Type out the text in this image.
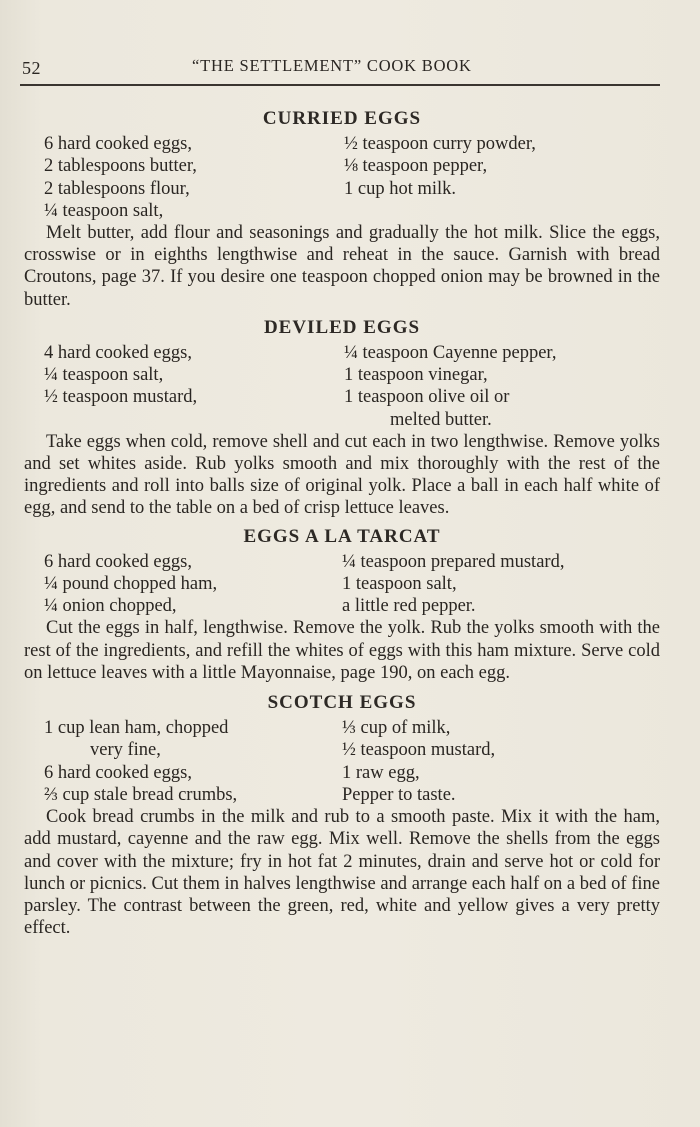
52	“THE SETTLEMENT” COOK BOOK
CURRIED EGGS
6 hard cooked eggs,
2 tablespoons butter,
2 tablespoons flour,
¼ teaspoon salt,
½ teaspoon curry powder,
⅛ teaspoon pepper,
1 cup hot milk.

Melt butter, add flour and seasonings and gradually the hot milk. Slice the eggs, crosswise or in eighths lengthwise and reheat in the sauce. Garnish with bread Croutons, page 37. If you desire one teaspoon chopped onion may be browned in the butter.

DEVILED EGGS
4 hard cooked eggs,
¼ teaspoon salt,
½ teaspoon mustard,
¼ teaspoon Cayenne pepper,
1 teaspoon vinegar,
1 teaspoon olive oil or
melted butter.

Take eggs when cold, remove shell and cut each in two lengthwise. Remove yolks and set whites aside. Rub yolks smooth and mix thoroughly with the rest of the ingredients and roll into balls size of original yolk. Place a ball in each half white of egg, and send to the table on a bed of crisp lettuce leaves.

EGGS A LA TARCAT
6 hard cooked eggs,
¼ pound chopped ham,
¼ onion chopped,
¼ teaspoon prepared mustard,
1 teaspoon salt,
a little red pepper.

Cut the eggs in half, lengthwise. Remove the yolk. Rub the yolks smooth with the rest of the ingredients, and refill the whites of eggs with this ham mixture. Serve cold on lettuce leaves with a little Mayonnaise, page 190, on each egg.

SCOTCH EGGS
1 cup lean ham, chopped
very fine,
6 hard cooked eggs,
⅔ cup stale bread crumbs,
⅓ cup of milk,
½ teaspoon mustard,
1 raw egg,
Pepper to taste.

Cook bread crumbs in the milk and rub to a smooth paste. Mix it with the ham, add mustard, cayenne and the raw egg. Mix well. Remove the shells from the eggs and cover with the mixture; fry in hot fat 2 minutes, drain and serve hot or cold for lunch or picnics. Cut them in halves lengthwise and arrange each half on a bed of fine parsley. The contrast between the green, red, white and yellow gives a very pretty effect.
